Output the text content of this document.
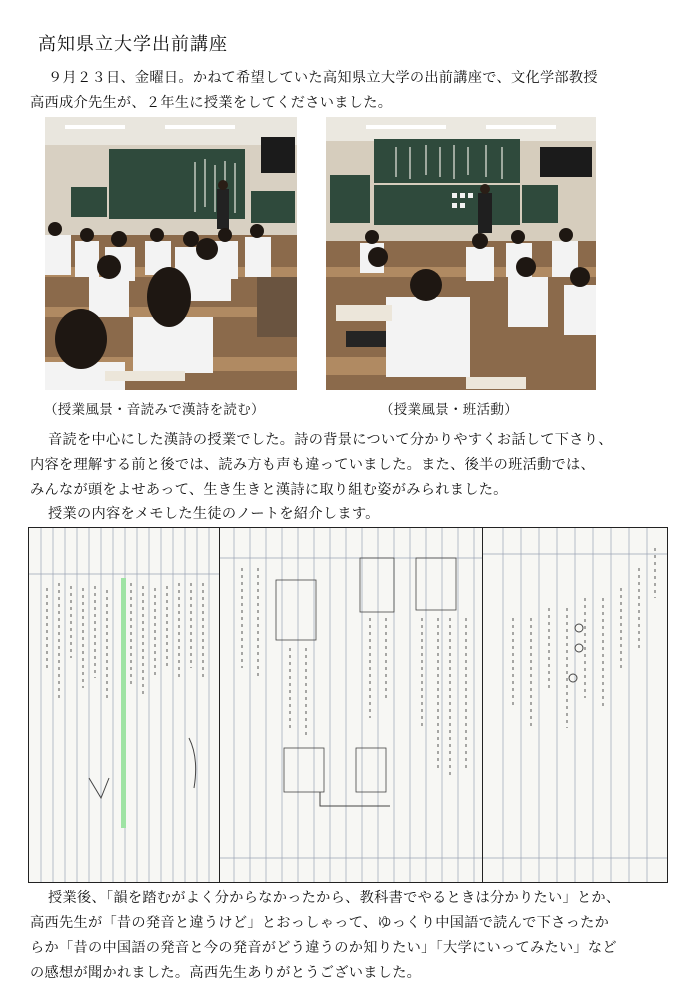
高知県立大学出前講座
９月２３日、金曜日。かねて希望していた高知県立大学の出前講座で、文化学部教授
高西成介先生が、２年生に授業をしてくださいました。
（授業風景・音読みで漢詩を読む）	（授業風景・班活動）
音読を中心にした漢詩の授業でした。詩の背景について分かりやすくお話して下さり、
内容を理解する前と後では、読み方も声も違っていました。また、後半の班活動では、
みんなが頭をよせあって、生き生きと漢詩に取り組む姿がみられました。
授業の内容をメモした生徒のノートを紹介します。
授業後、「韻を踏むがよく分からなかったから、教科書でやるときは分かりたい」とか、
高西先生が「昔の発音と違うけど」とおっしゃって、ゆっくり中国語で読んで下さったか
らか「昔の中国語の発音と今の発音がどう違うのか知りたい」「大学にいってみたい」など
の感想が聞かれました。高西先生ありがとうございました。
